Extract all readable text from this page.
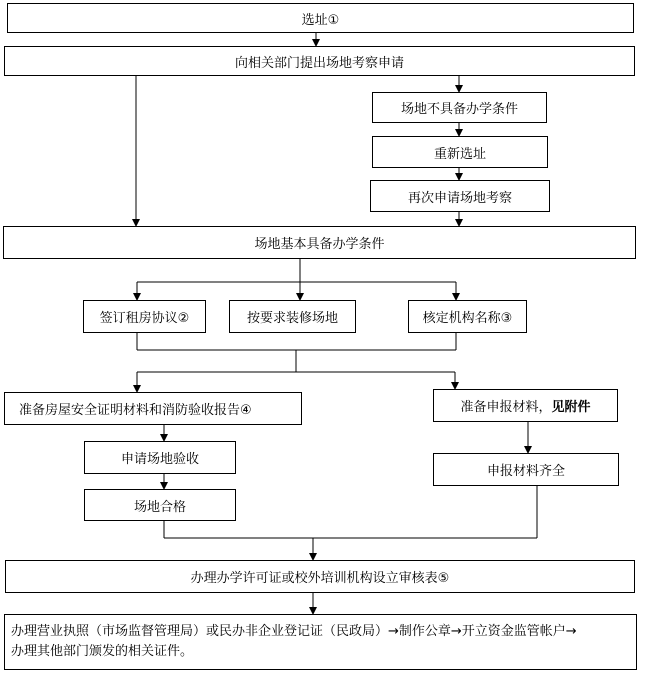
选址①
向相关部门提出场地考察申请
场地不具备办学条件
重新选址
再次申请场地考察
场地基本具备办学条件
签订租房协议②	按要求装修场地	核定机构名称③
准备房屋安全证明材料和消防验收报告④	准备申报材料， 见附件
申请场地验收
申报材料齐全
场地合格
办理办学许可证或校外培训机构设立审核表⑤
办理营业执照（市场监督管理局）或民办非企业登记证（民政局）→制作公章→开立资金监管帐户→
办理其他部门颁发的相关证件。
